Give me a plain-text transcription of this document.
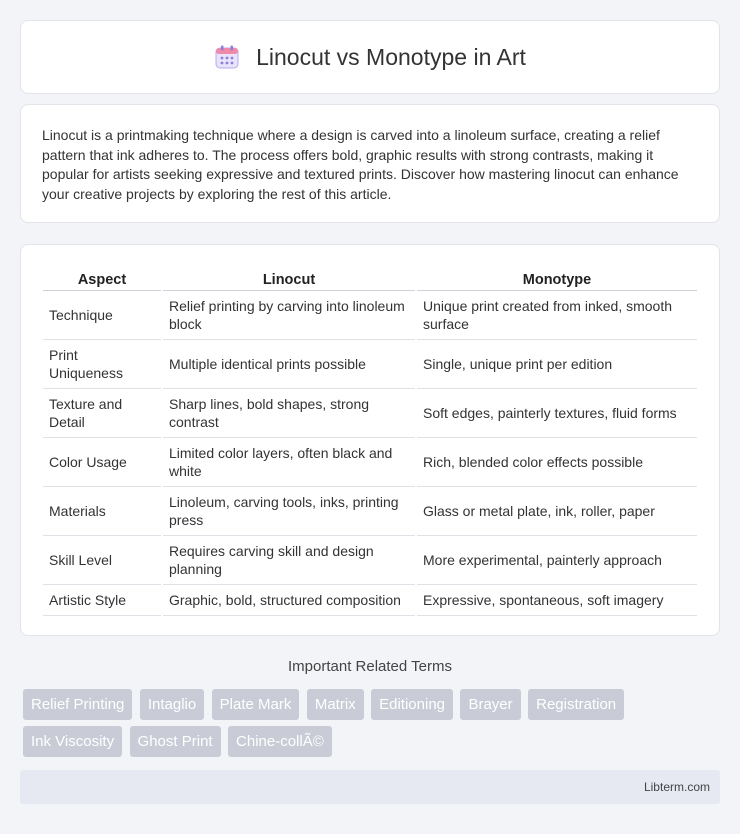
Linocut vs Monotype in Art

Linocut is a printmaking technique where a design is carved into a linoleum surface, creating a relief pattern that ink adheres to. The process offers bold, graphic results with strong contrasts, making it popular for artists seeking expressive and textured prints. Discover how mastering linocut can enhance your creative projects by exploring the rest of this article.

Aspect	Linocut	Monotype
Technique	Relief printing by carving into linoleum block	Unique print created from inked, smooth surface
Print Uniqueness	Multiple identical prints possible	Single, unique print per edition
Texture and Detail	Sharp lines, bold shapes, strong contrast	Soft edges, painterly textures, fluid forms
Color Usage	Limited color layers, often black and white	Rich, blended color effects possible
Materials	Linoleum, carving tools, inks, printing press	Glass or metal plate, ink, roller, paper
Skill Level	Requires carving skill and design planning	More experimental, painterly approach
Artistic Style	Graphic, bold, structured composition	Expressive, spontaneous, soft imagery
Important Related Terms
Relief Printing Intaglio Plate Mark Matrix Editioning Brayer Registration Ink Viscosity Ghost Print Chine-collÃ©
Libterm.com
